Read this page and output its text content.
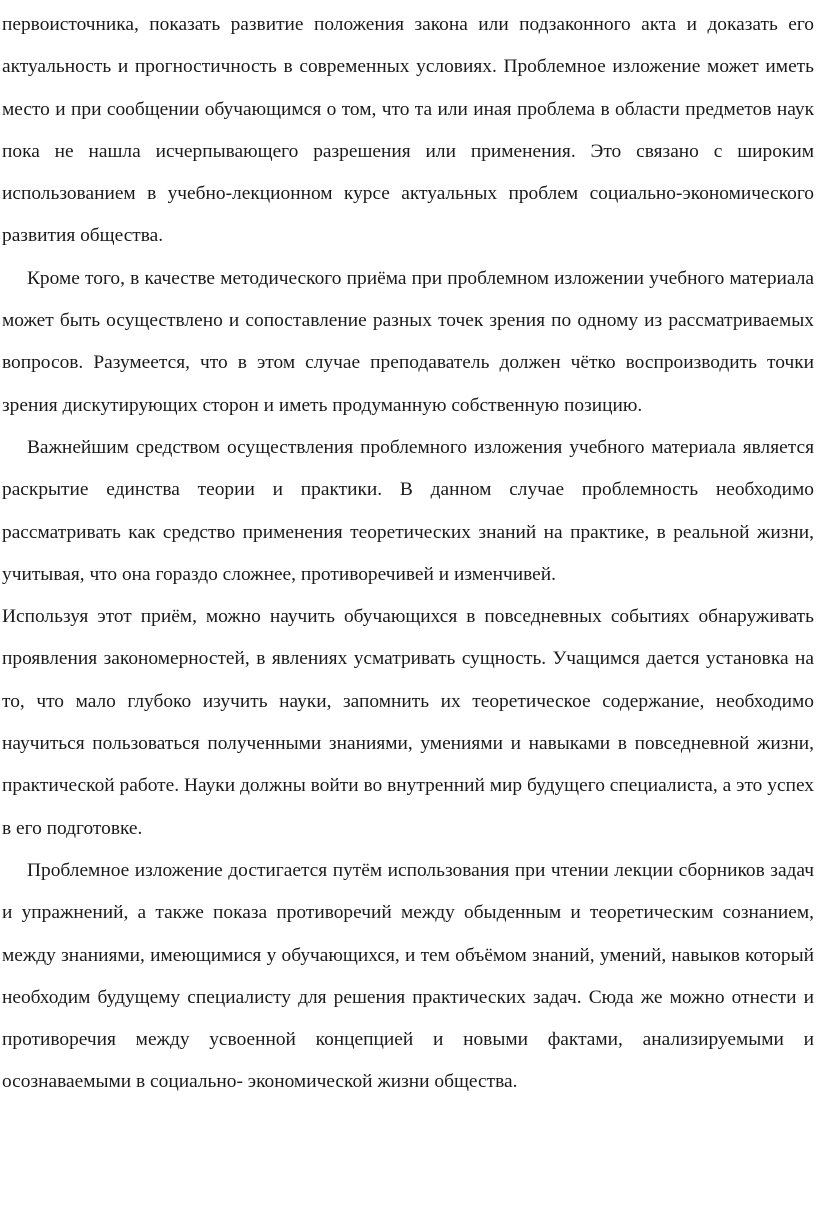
первоисточника, показать развитие положения закона или подзаконного акта и доказать его актуальность и прогностичность в современных условиях. Проблемное изложение может иметь место и при сообщении обучающимся о том, что та или иная проблема в области предметов наук пока не нашла исчерпывающего разрешения или применения. Это связано с широким использованием в учебно-лекционном курсе актуальных проблем социально-экономического развития общества.

Кроме того, в качестве методического приёма при проблемном изложении учебного материала может быть осуществлено и сопоставление разных точек зрения по одному из рассматриваемых вопросов. Разумеется, что в этом случае преподаватель должен чётко воспроизводить точки зрения дискутирующих сторон и иметь продуманную собственную позицию.

Важнейшим средством осуществления проблемного изложения учебного материала является раскрытие единства теории и практики. В данном случае проблемность необходимо рассматривать как средство применения теоретических знаний на практике, в реальной жизни, учитывая, что она гораздо сложнее, противоречивей и изменчивей.

Используя этот приём, можно научить обучающихся в повседневных событиях обнаруживать проявления закономерностей, в явлениях усматривать сущность. Учащимся дается установка на то, что мало глубоко изучить науки, запомнить их теоретическое содержание, необходимо научиться пользоваться полученными знаниями, умениями и навыками в повседневной жизни, практической работе. Науки должны войти во внутренний мир будущего специалиста, а это успех в его подготовке.

Проблемное изложение достигается путём использования при чтении лекции сборников задач и упражнений, а также показа противоречий между обыденным и теоретическим сознанием, между знаниями, имеющимися у обучающихся, и тем объёмом знаний, умений, навыков который необходим будущему специалисту для решения практических задач. Сюда же можно отнести и противоречия между усвоенной концепцией и новыми фактами, анализируемыми и осознаваемыми в социально- экономической жизни общества.
